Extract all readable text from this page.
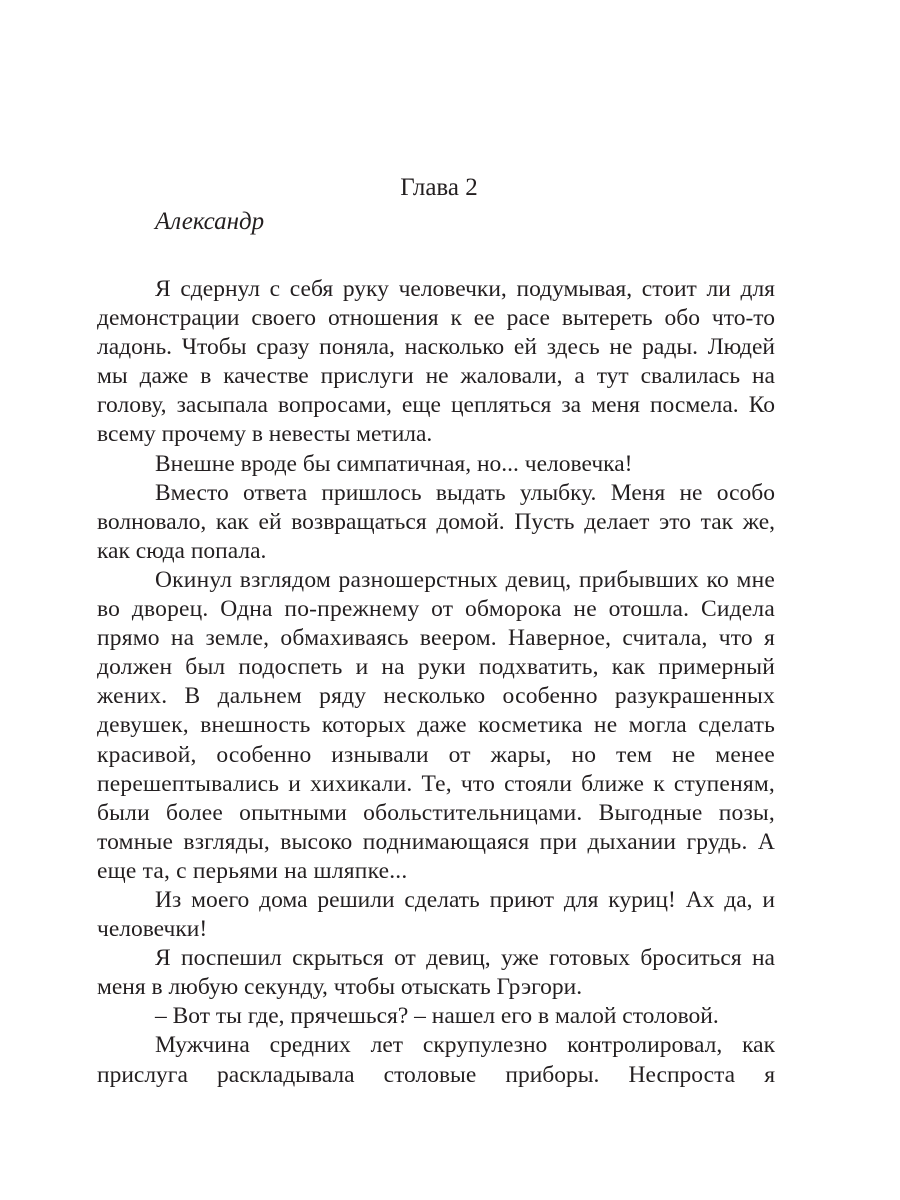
Глава 2
Александр

Я сдернул с себя руку человечки, подумывая, стоит ли для демонстрации своего отношения к ее расе вытереть обо что-то ладонь. Чтобы сразу поняла, насколько ей здесь не рады. Людей мы даже в качестве прислуги не жаловали, а тут свалилась на голову, засыпала вопросами, еще цепляться за меня посмела. Ко всему прочему в невесты метила.

Внешне вроде бы симпатичная, но... человечка!

Вместо ответа пришлось выдать улыбку. Меня не особо волновало, как ей возвращаться домой. Пусть делает это так же, как сюда попала.

Окинул взглядом разношерстных девиц, прибывших ко мне во дворец. Одна по-прежнему от обморока не отошла. Сидела прямо на земле, обмахиваясь веером. Наверное, считала, что я должен был подоспеть и на руки подхватить, как примерный жених. В дальнем ряду несколько особенно разукрашенных девушек, внешность которых даже косметика не могла сделать красивой, особенно изнывали от жары, но тем не менее перешептывались и хихикали. Те, что стояли ближе к ступеням, были более опытными обольстительницами. Выгодные позы, томные взгляды, высоко поднимающаяся при дыхании грудь. А еще та, с перьями на шляпке...

Из моего дома решили сделать приют для куриц! Ах да, и человечки!

Я поспешил скрыться от девиц, уже готовых броситься на меня в любую секунду, чтобы отыскать Грэгори.

– Вот ты где, прячешься? – нашел его в малой столовой.

Мужчина средних лет скрупулезно контролировал, как прислуга раскладывала столовые приборы. Неспроста я
